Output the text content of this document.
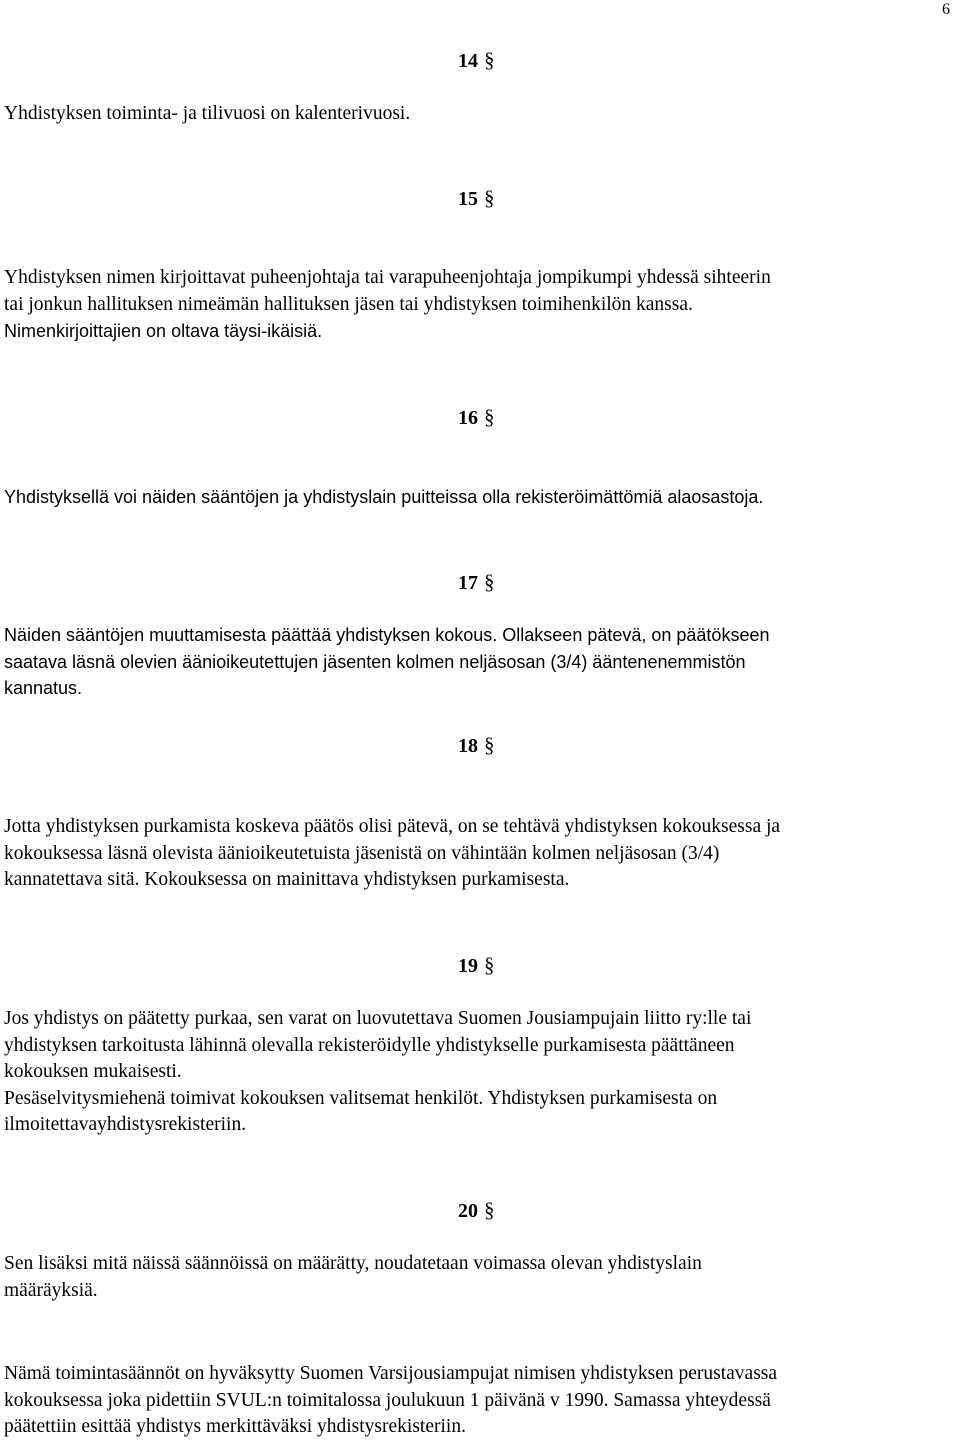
6
14 §

Yhdistyksen toiminta- ja tilivuosi on kalenterivuosi.

15 §

Yhdistyksen nimen kirjoittavat puheenjohtaja tai varapuheenjohtaja jompikumpi yhdessä sihteerin
tai jonkun hallituksen nimeämän hallituksen jäsen tai yhdistyksen toimihenkilön kanssa.
Nimenkirjoittajien on oltava täysi-ikäisiä.

16 §

Yhdistyksellä voi näiden sääntöjen ja yhdistyslain puitteissa olla rekisteröimättömiä alaosastoja.

17 §

Näiden sääntöjen muuttamisesta päättää yhdistyksen kokous. Ollakseen pätevä, on päätökseen
saatava läsnä olevien äänioikeutettujen jäsenten kolmen neljäsosan (3/4) ääntenenemmistön
kannatus.

18 §

Jotta yhdistyksen purkamista koskeva päätös olisi pätevä, on se tehtävä yhdistyksen kokouksessa ja
kokouksessa läsnä olevista äänioikeutetuista jäsenistä on vähintään kolmen neljäsosan (3/4)
kannatettava sitä. Kokouksessa on mainittava yhdistyksen purkamisesta.

19 §

Jos yhdistys on päätetty purkaa, sen varat on luovutettava Suomen Jousiampujain liitto ry:lle tai
yhdistyksen tarkoitusta lähinnä olevalla rekisteröidylle yhdistykselle purkamisesta päättäneen
kokouksen mukaisesti.
Pesäselvitysmiehenä toimivat kokouksen valitsemat henkilöt. Yhdistyksen purkamisesta on
ilmoitettavayhdistysrekisteriin.

20 §

Sen lisäksi mitä näissä säännöissä on määrätty, noudatetaan voimassa olevan yhdistyslain
määräyksiä.

Nämä toimintasäännöt on hyväksytty Suomen Varsijousiampujat nimisen yhdistyksen perustavassa
kokouksessa joka pidettiin SVUL:n toimitalossa joulukuun 1 päivänä v 1990. Samassa yhteydessä
päätettiin esittää yhdistys merkittäväksi yhdistysrekisteriin.
